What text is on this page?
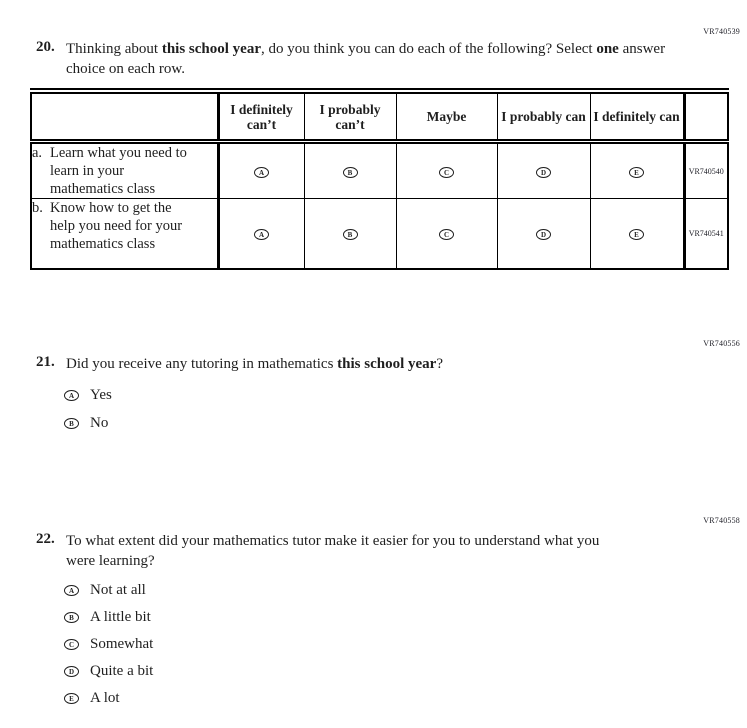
VR740539
20. Thinking about this school year, do you think you can do each of the following? Select one answer choice on each row.
	I definitely can’t	I probably can’t	Maybe	I probably can	I definitely can	

a. Learn what you need to learn in your mathematics class	A	B	C	D	E	VR740540

b. Know how to get the help you need for your mathematics class	A	B	C	D	E	VR740541
VR740556
21. Did you receive any tutoring in mathematics this school year?
A	Yes
B	No
VR740558
22. To what extent did your mathematics tutor make it easier for you to understand what you were learning?
A	Not at all
B	A little bit
C	Somewhat
D	Quite a bit
E	A lot
